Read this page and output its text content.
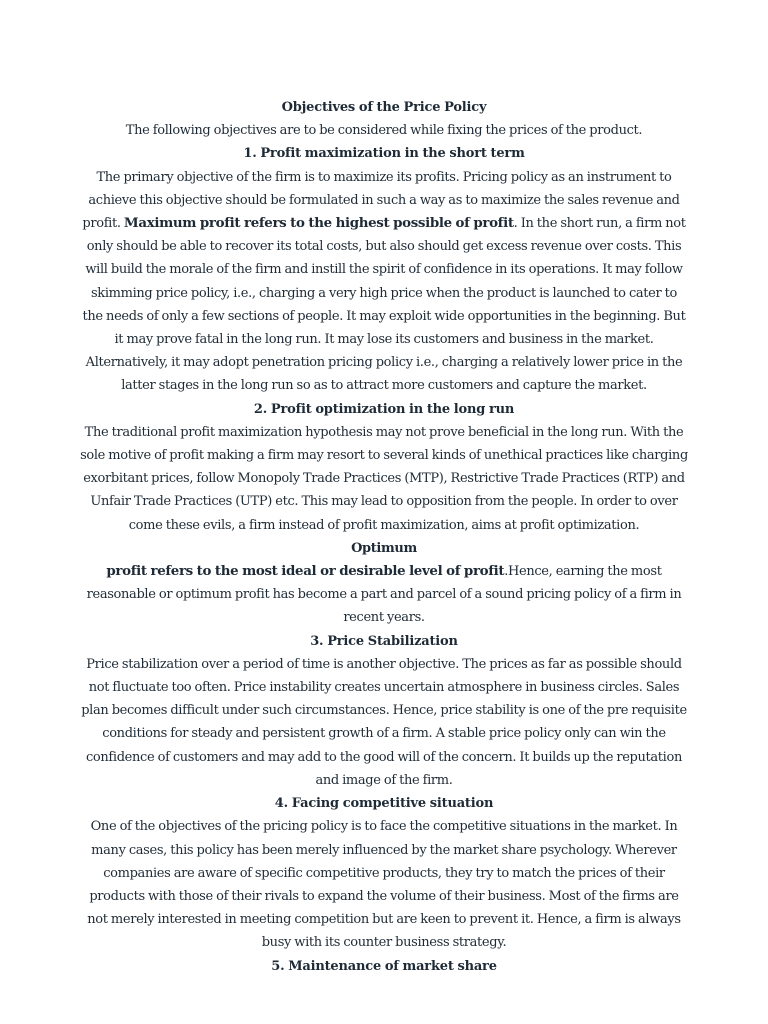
Objectives of the Price Policy

The following objectives are to be considered while fixing the prices of the product.

1. Profit maximization in the short term

The primary objective of the firm is to maximize its profits. Pricing policy as an instrument to achieve this objective should be formulated in such a way as to maximize the sales revenue and profit. Maximum profit refers to the highest possible of profit. In the short run, a firm not only should be able to recover its total costs, but also should get excess revenue over costs. This will build the morale of the firm and instill the spirit of confidence in its operations. It may follow skimming price policy, i.e., charging a very high price when the product is launched to cater to the needs of only a few sections of people. It may exploit wide opportunities in the beginning. But it may prove fatal in the long run. It may lose its customers and business in the market. Alternatively, it may adopt penetration pricing policy i.e., charging a relatively lower price in the latter stages in the long run so as to attract more customers and capture the market.

2. Profit optimization in the long run

The traditional profit maximization hypothesis may not prove beneficial in the long run. With the sole motive of profit making a firm may resort to several kinds of unethical practices like charging exorbitant prices, follow Monopoly Trade Practices (MTP), Restrictive Trade Practices (RTP) and Unfair Trade Practices (UTP) etc. This may lead to opposition from the people. In order to over come these evils, a firm instead of profit maximization, aims at profit optimization.

Optimum
profit refers to the most ideal or desirable level of profit.Hence, earning the most reasonable or optimum profit has become a part and parcel of a sound pricing policy of a firm in recent years.

3. Price Stabilization

Price stabilization over a period of time is another objective. The prices as far as possible should not fluctuate too often. Price instability creates uncertain atmosphere in business circles. Sales plan becomes difficult under such circumstances. Hence, price stability is one of the pre requisite conditions for steady and persistent growth of a firm. A stable price policy only can win the confidence of customers and may add to the good will of the concern. It builds up the reputation and image of the firm.

4. Facing competitive situation

One of the objectives of the pricing policy is to face the competitive situations in the market. In many cases, this policy has been merely influenced by the market share psychology. Wherever companies are aware of specific competitive products, they try to match the prices of their products with those of their rivals to expand the volume of their business. Most of the firms are not merely interested in meeting competition but are keen to prevent it. Hence, a firm is always busy with its counter business strategy.

5. Maintenance of market share
